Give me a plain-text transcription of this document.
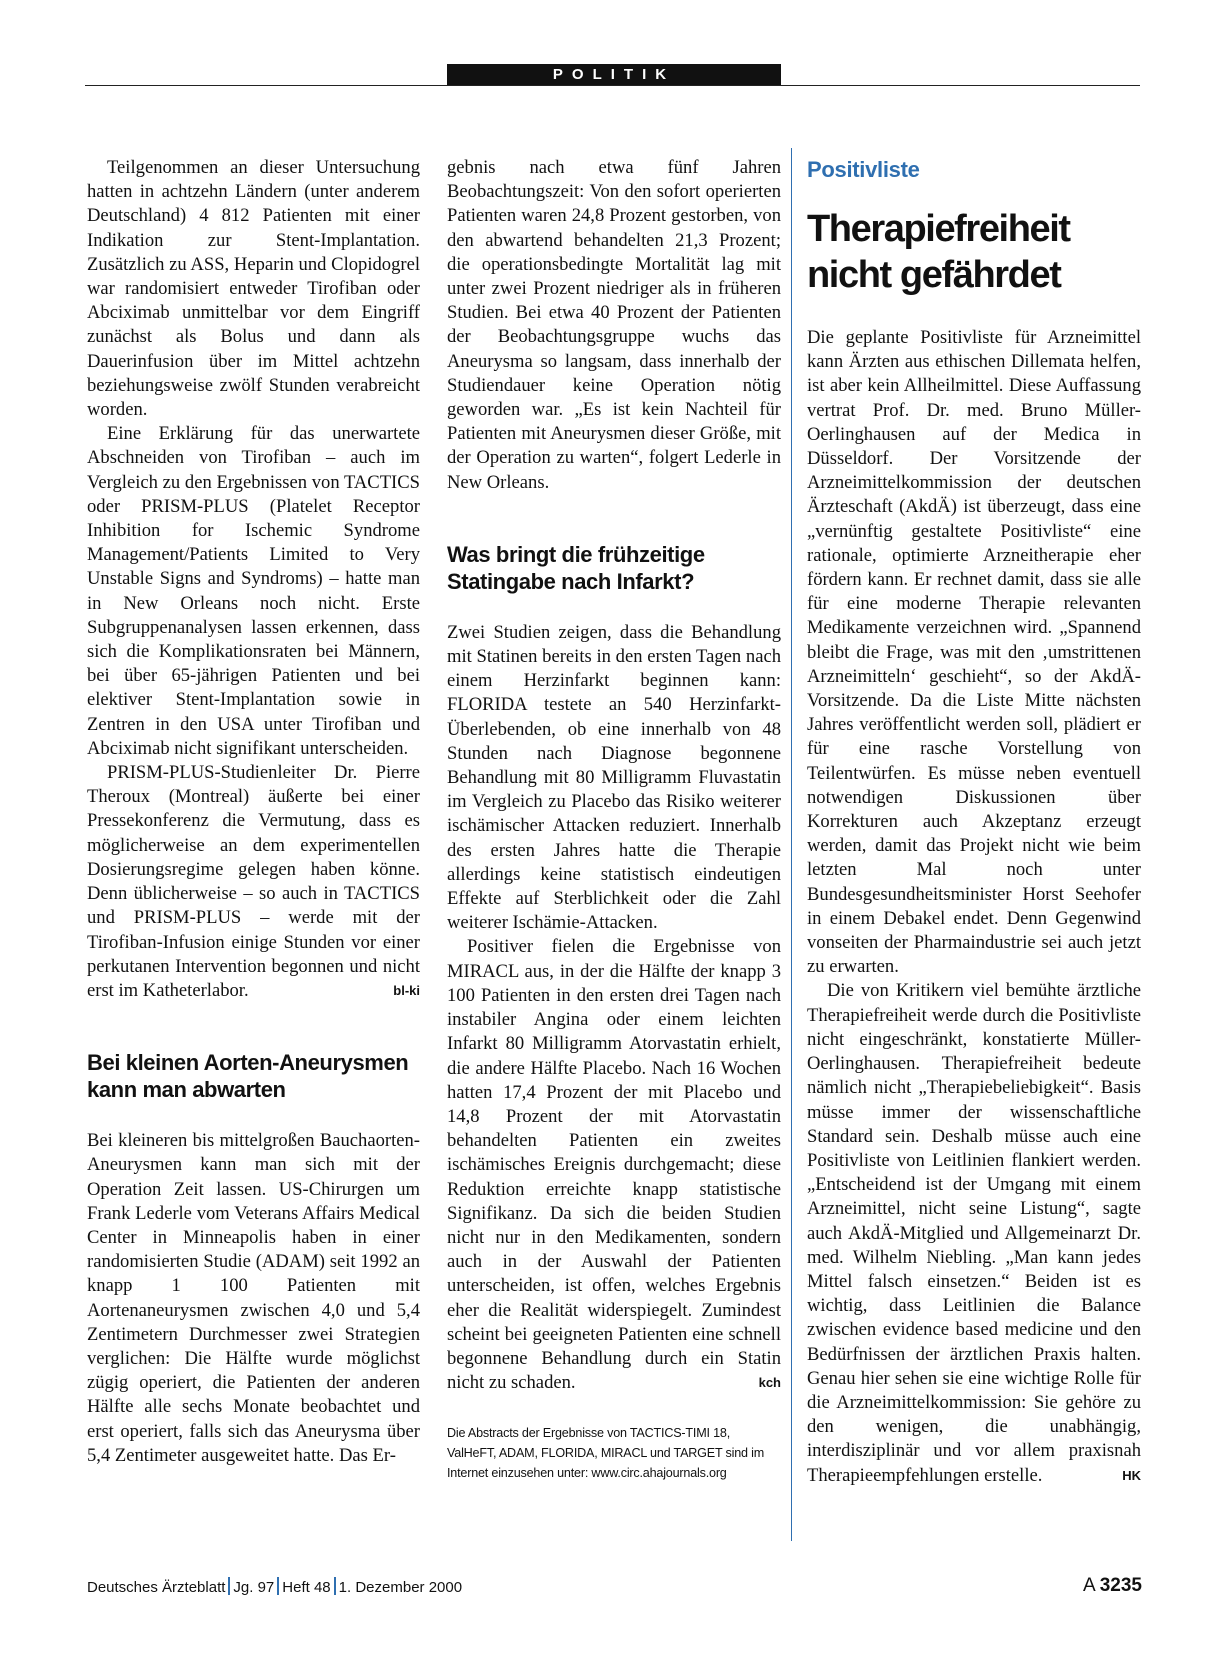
POLITIK

Teilgenommen an dieser Untersuchung hatten in achtzehn Ländern (unter anderem Deutschland) 4 812 Patienten mit einer Indikation zur Stent-Implantation. Zusätzlich zu ASS, Heparin und Clopidogrel war randomisiert entweder Tirofiban oder Abciximab unmittelbar vor dem Eingriff zunächst als Bolus und dann als Dauerinfusion über im Mittel achtzehn beziehungsweise zwölf Stunden verabreicht worden.

Eine Erklärung für das unerwartete Abschneiden von Tirofiban – auch im Vergleich zu den Ergebnissen von TACTICS oder PRISM-PLUS (Platelet Receptor Inhibition for Ischemic Syndrome Management/Patients Limited to Very Unstable Signs and Syndroms) – hatte man in New Orleans noch nicht. Erste Subgruppenanalysen lassen erkennen, dass sich die Komplikationsraten bei Männern, bei über 65-jährigen Patienten und bei elektiver Stent-Implantation sowie in Zentren in den USA unter Tirofiban und Abciximab nicht signifikant unterscheiden.

PRISM-PLUS-Studienleiter Dr. Pierre Theroux (Montreal) äußerte bei einer Pressekonferenz die Vermutung, dass es möglicherweise an dem experimentellen Dosierungsregime gelegen haben könne. Denn üblicherweise – so auch in TACTICS und PRISM-PLUS – werde mit der Tirofiban-Infusion einige Stunden vor einer perkutanen Intervention begonnen und nicht erst im Katheterlabor.	bl-ki

Bei kleinen Aorten-Aneurysmen kann man abwarten

Bei kleineren bis mittelgroßen Bauchaorten-Aneurysmen kann man sich mit der Operation Zeit lassen. US-Chirurgen um Frank Lederle vom Veterans Affairs Medical Center in Minneapolis haben in einer randomisierten Studie (ADAM) seit 1992 an knapp 1 100 Patienten mit Aortenaneurysmen zwischen 4,0 und 5,4 Zentimetern Durchmesser zwei Strategien verglichen: Die Hälfte wurde möglichst zügig operiert, die Patienten der anderen Hälfte alle sechs Monate beobachtet und erst operiert, falls sich das Aneurysma über 5,4 Zentimeter ausgeweitet hatte. Das Er-

gebnis nach etwa fünf Jahren Beobachtungszeit: Von den sofort operierten Patienten waren 24,8 Prozent gestorben, von den abwartend behandelten 21,3 Prozent; die operationsbedingte Mortalität lag mit unter zwei Prozent niedriger als in früheren Studien. Bei etwa 40 Prozent der Patienten der Beobachtungsgruppe wuchs das Aneurysma so langsam, dass innerhalb der Studiendauer keine Operation nötig geworden war. „Es ist kein Nachteil für Patienten mit Aneurysmen dieser Größe, mit der Operation zu warten“, folgert Lederle in New Orleans.

Was bringt die frühzeitige Statingabe nach Infarkt?

Zwei Studien zeigen, dass die Behandlung mit Statinen bereits in den ersten Tagen nach einem Herzinfarkt beginnen kann: FLORIDA testete an 540 Herzinfarkt-Überlebenden, ob eine innerhalb von 48 Stunden nach Diagnose begonnene Behandlung mit 80 Milligramm Fluvastatin im Vergleich zu Placebo das Risiko weiterer ischämischer Attacken reduziert. Innerhalb des ersten Jahres hatte die Therapie allerdings keine statistisch eindeutigen Effekte auf Sterblichkeit oder die Zahl weiterer Ischämie-Attacken.

Positiver fielen die Ergebnisse von MIRACL aus, in der die Hälfte der knapp 3 100 Patienten in den ersten drei Tagen nach instabiler Angina oder einem leichten Infarkt 80 Milligramm Atorvastatin erhielt, die andere Hälfte Placebo. Nach 16 Wochen hatten 17,4 Prozent der mit Placebo und 14,8 Prozent der mit Atorvastatin behandelten Patienten ein zweites ischämisches Ereignis durchgemacht; diese Reduktion erreichte knapp statistische Signifikanz. Da sich die beiden Studien nicht nur in den Medikamenten, sondern auch in der Auswahl der Patienten unterscheiden, ist offen, welches Ergebnis eher die Realität widerspiegelt. Zumindest scheint bei geeigneten Patienten eine schnell begonnene Behandlung durch ein Statin nicht zu schaden.	kch

Die Abstracts der Ergebnisse von TACTICS-TIMI 18, ValHeFT, ADAM, FLORIDA, MIRACL und TARGET sind im Internet einzusehen unter: www.circ.ahajournals.org
Positivliste
Therapiefreiheit nicht gefährdet

Die geplante Positivliste für Arzneimittel kann Ärzten aus ethischen Dillemata helfen, ist aber kein Allheilmittel. Diese Auffassung vertrat Prof. Dr. med. Bruno Müller-Oerlinghausen auf der Medica in Düsseldorf. Der Vorsitzende der Arzneimittelkommission der deutschen Ärzteschaft (AkdÄ) ist überzeugt, dass eine „vernünftig gestaltete Positivliste“ eine rationale, optimierte Arzneitherapie eher fördern kann. Er rechnet damit, dass sie alle für eine moderne Therapie relevanten Medikamente verzeichnen wird. „Spannend bleibt die Frage, was mit den ‚umstrittenen Arzneimitteln‘ geschieht“, so der AkdÄ-Vorsitzende. Da die Liste Mitte nächsten Jahres veröffentlicht werden soll, plädiert er für eine rasche Vorstellung von Teilentwürfen. Es müsse neben eventuell notwendigen Diskussionen über Korrekturen auch Akzeptanz erzeugt werden, damit das Projekt nicht wie beim letzten Mal noch unter Bundesgesundheitsminister Horst Seehofer in einem Debakel endet. Denn Gegenwind vonseiten der Pharmaindustrie sei auch jetzt zu erwarten.

Die von Kritikern viel bemühte ärztliche Therapiefreiheit werde durch die Positivliste nicht eingeschränkt, konstatierte Müller-Oerlinghausen. Therapiefreiheit bedeute nämlich nicht „Therapiebeliebigkeit“. Basis müsse immer der wissenschaftliche Standard sein. Deshalb müsse auch eine Positivliste von Leitlinien flankiert werden. „Entscheidend ist der Umgang mit einem Arzneimittel, nicht seine Listung“, sagte auch AkdÄ-Mitglied und Allgemeinarzt Dr. med. Wilhelm Niebling. „Man kann jedes Mittel falsch einsetzen.“ Beiden ist es wichtig, dass Leitlinien die Balance zwischen evidence based medicine und den Bedürfnissen der ärztlichen Praxis halten. Genau hier sehen sie eine wichtige Rolle für die Arzneimittelkommission: Sie gehöre zu den wenigen, die unabhängig, interdisziplinär und vor allem praxisnah Therapieempfehlungen erstelle.	HK

Deutsches Ärzteblatt Jg. 97 Heft 48 1. Dezember 2000	A 3235
